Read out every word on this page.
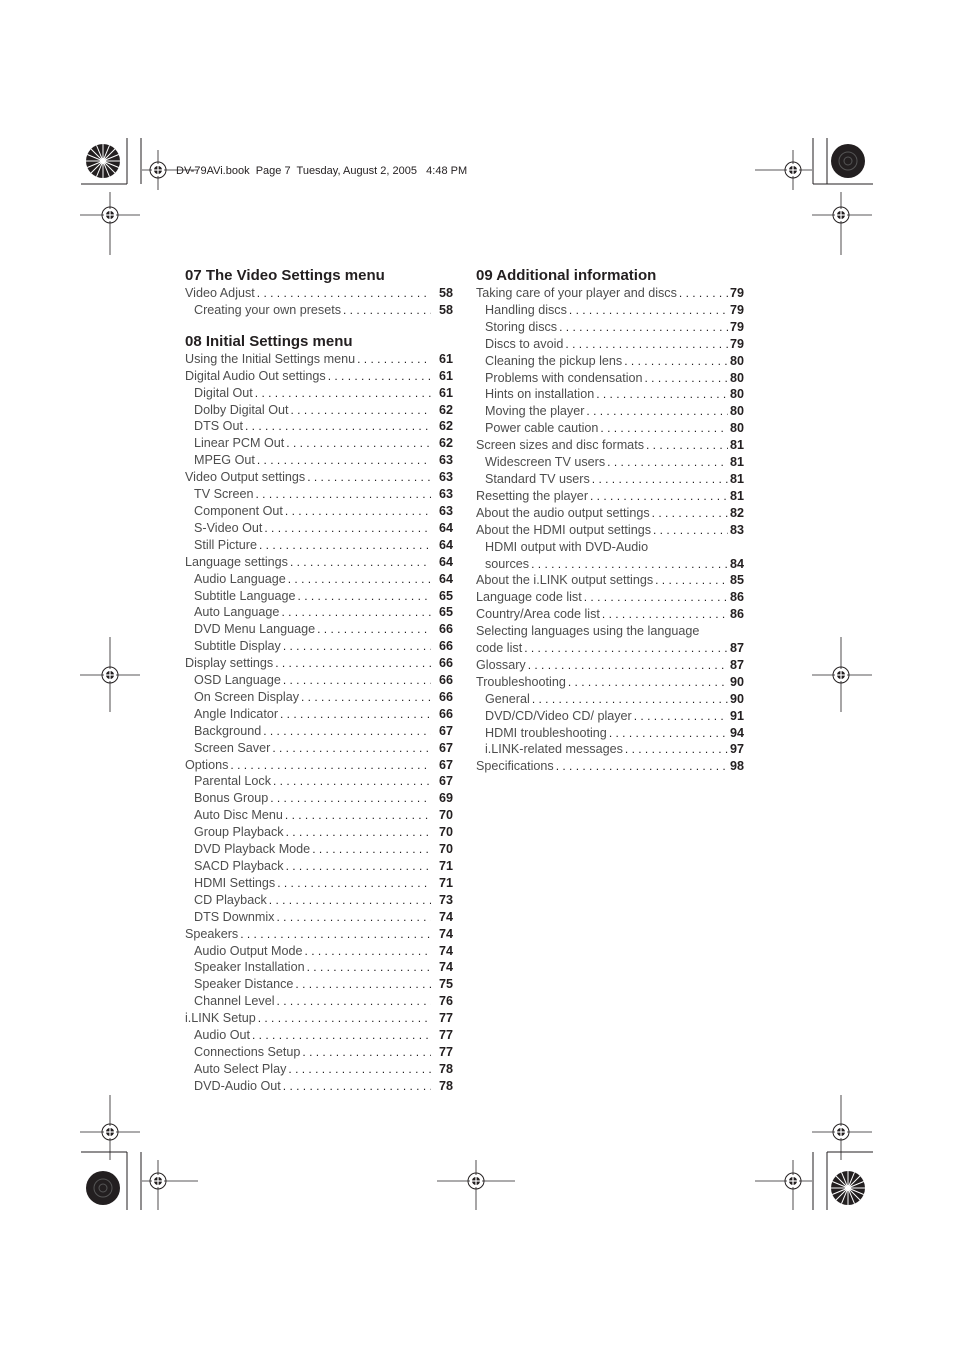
DV-79AVi.book Page 7 Tuesday, August 2, 2005 4:48 PM
07 The Video Settings menu
Video Adjust . . .	58
Creating your own presets . . .	58
08 Initial Settings menu
Using the Initial Settings menu . . .	61
Digital Audio Out settings . . .	61
Digital Out . . .	61
Dolby Digital Out . . .	62
DTS Out . . .	62
Linear PCM Out . . .	62
MPEG Out . . .	63
Video Output settings . . .	63
TV Screen . . .	63
Component Out . . .	63
S-Video Out . . .	64
Still Picture . . .	64
Language settings . . .	64
Audio Language . . .	64
Subtitle Language . . .	65
Auto Language . . .	65
DVD Menu Language . . .	66
Subtitle Display . . .	66
Display settings . . .	66
OSD Language . . .	66
On Screen Display . . .	66
Angle Indicator . . .	66
Background . . .	67
Screen Saver . . .	67
Options . . .	67
Parental Lock . . .	67
Bonus Group . . .	69
Auto Disc Menu . . .	70
Group Playback . . .	70
DVD Playback Mode . . .	70
SACD Playback . . .	71
HDMI Settings . . .	71
CD Playback . . .	73
DTS Downmix . . .	74
Speakers . . .	74
Audio Output Mode . . .	74
Speaker Installation . . .	74
Speaker Distance . . .	75
Channel Level . . .	76
i.LINK Setup . . .	77
Audio Out . . .	77
Connections Setup . . .	77
Auto Select Play . . .	78
DVD-Audio Out . . .	78
09 Additional information
Taking care of your player and discs . . .	79
Handling discs . . .	79
Storing discs . . .	79
Discs to avoid . . .	79
Cleaning the pickup lens . . .	80
Problems with condensation . . .	80
Hints on installation . . .	80
Moving the player . . .	80
Power cable caution . . .	80
Screen sizes and disc formats . . .	81
Widescreen TV users . . .	81
Standard TV users . . .	81
Resetting the player . . .	81
About the audio output settings . . .	82
About the HDMI output settings . . .	83
HDMI output with DVD-Audio
sources . . .	84
About the i.LINK output settings . . .	85
Language code list . . .	86
Country/Area code list . . .	86
Selecting languages using the language
code list . . .	87
Glossary . . .	87
Troubleshooting . . .	90
General . . .	90
DVD/CD/Video CD/ player . . .	91
HDMI troubleshooting . . .	94
i.LINK-related messages . . .	97
Specifications . . .	98
